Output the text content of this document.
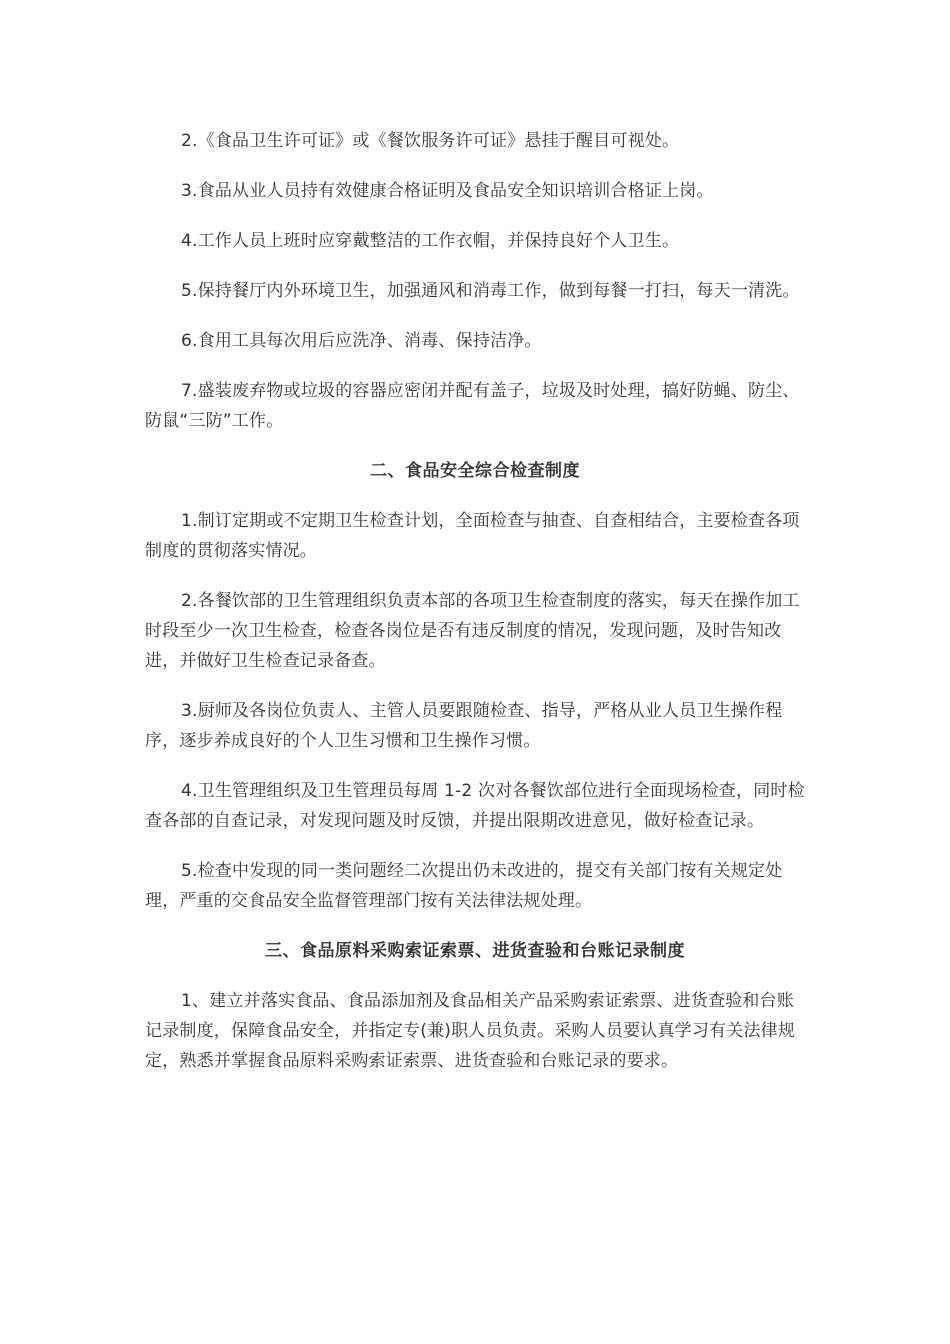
2.《食品卫生许可证》或《餐饮服务许可证》悬挂于醒目可视处。

3.食品从业人员持有效健康合格证明及食品安全知识培训合格证上岗。

4.工作人员上班时应穿戴整洁的工作衣帽，并保持良好个人卫生。

5.保持餐厅内外环境卫生，加强通风和消毒工作，做到每餐一打扫，每天一清洗。

6.食用工具每次用后应洗净、消毒、保持洁净。

7.盛装废弃物或垃圾的容器应密闭并配有盖子，垃圾及时处理，搞好防蝇、防尘、防鼠“三防”工作。

二、食品安全综合检查制度

1.制订定期或不定期卫生检查计划，全面检查与抽查、自查相结合，主要检查各项制度的贯彻落实情况。

2.各餐饮部的卫生管理组织负责本部的各项卫生检查制度的落实，每天在操作加工时段至少一次卫生检查，检查各岗位是否有违反制度的情况，发现问题，及时告知改进，并做好卫生检查记录备查。

3.厨师及各岗位负责人、主管人员要跟随检查、指导，严格从业人员卫生操作程序，逐步养成良好的个人卫生习惯和卫生操作习惯。

4.卫生管理组织及卫生管理员每周 1-2 次对各餐饮部位进行全面现场检查，同时检查各部的自查记录，对发现问题及时反馈，并提出限期改进意见，做好检查记录。

5.检查中发现的同一类问题经二次提出仍未改进的，提交有关部门按有关规定处理，严重的交食品安全监督管理部门按有关法律法规处理。

三、食品原料采购索证索票、进货查验和台账记录制度

1、建立并落实食品、食品添加剂及食品相关产品采购索证索票、进货查验和台账记录制度，保障食品安全，并指定专(兼)职人员负责。采购人员要认真学习有关法律规定，熟悉并掌握食品原料采购索证索票、进货查验和台账记录的要求。
